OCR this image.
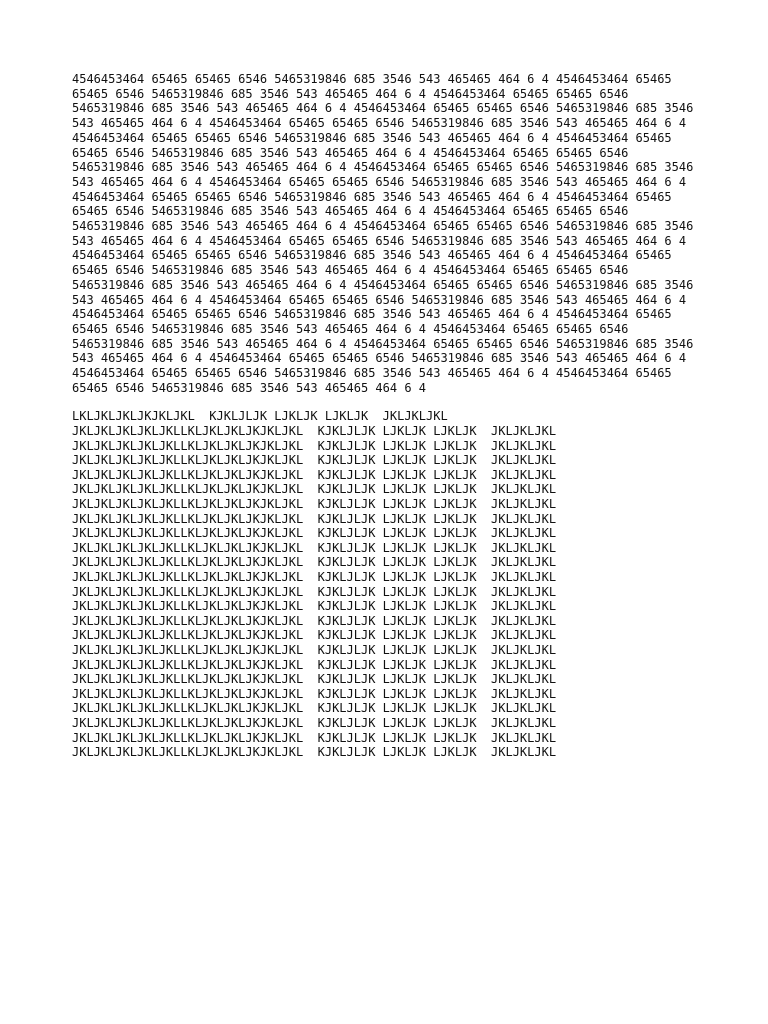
4546453464 65465 65465 6546 5465319846 685 3546 543 465465 464 6 4 4546453464 65465 65465 6546 5465319846 685 3546 543 465465 464 6 4 4546453464 65465 65465 6546 5465319846 685 3546 543 465465 464 6 4 4546453464 65465 65465 6546 5465319846 685 3546 543 465465 464 6 4 4546453464 65465 65465 6546 5465319846 685 3546 543 465465 464 6 4 4546453464 65465 65465 6546 5465319846 685 3546 543 465465 464 6 4 4546453464 65465 65465 6546 5465319846 685 3546 543 465465 464 6 4 4546453464 65465 65465 6546 5465319846 685 3546 543 465465 464 6 4 4546453464 65465 65465 6546 5465319846 685 3546 543 465465 464 6 4 4546453464 65465 65465 6546 5465319846 685 3546 543 465465 464 6 4 4546453464 65465 65465 6546 5465319846 685 3546 543 465465 464 6 4 4546453464 65465 65465 6546 5465319846 685 3546 543 465465 464 6 4 4546453464 65465 65465 6546 5465319846 685 3546 543 465465 464 6 4 4546453464 65465 65465 6546 5465319846 685 3546 543 465465 464 6 4 4546453464 65465 65465 6546 5465319846 685 3546 543 465465 464 6 4 4546453464 65465 65465 6546 5465319846 685 3546 543 465465 464 6 4 4546453464 65465 65465 6546 5465319846 685 3546 543 465465 464 6 4 4546453464 65465 65465 6546 5465319846 685 3546 543 465465 464 6 4 4546453464 65465 65465 6546 5465319846 685 3546 543 465465 464 6 4 4546453464 65465 65465 6546 5465319846 685 3546 543 465465 464 6 4 4546453464 65465 65465 6546 5465319846 685 3546 543 465465 464 6 4 4546453464 65465 65465 6546 5465319846 685 3546 543 465465 464 6 4 4546453464 65465 65465 6546 5465319846 685 3546 543 465465 464 6 4 4546453464 65465 65465 6546 5465319846 685 3546 543 465465 464 6 4 4546453464 65465 65465 6546 5465319846 685 3546 543 465465 464 6 4 4546453464 65465 65465 6546 5465319846 685 3546 543 465465 464 6 4 4546453464 65465 65465 6546 5465319846 685 3546 543 465465 464 6 4

LKLJKLJKLJKJKLJKL  KJKLJLJK LJKLJK LJKLJK  JKLJKLJKL
JKLJKLJKLJKLJKLLKLJKLJKLJKJKLJKL  KJKLJLJK LJKLJK LJKLJK  JKLJKLJKL
JKLJKLJKLJKLJKLLKLJKLJKLJKJKLJKL  KJKLJLJK LJKLJK LJKLJK  JKLJKLJKL
JKLJKLJKLJKLJKLLKLJKLJKLJKJKLJKL  KJKLJLJK LJKLJK LJKLJK  JKLJKLJKL
JKLJKLJKLJKLJKLLKLJKLJKLJKJKLJKL  KJKLJLJK LJKLJK LJKLJK  JKLJKLJKL
JKLJKLJKLJKLJKLLKLJKLJKLJKJKLJKL  KJKLJLJK LJKLJK LJKLJK  JKLJKLJKL
JKLJKLJKLJKLJKLLKLJKLJKLJKJKLJKL  KJKLJLJK LJKLJK LJKLJK  JKLJKLJKL
JKLJKLJKLJKLJKLLKLJKLJKLJKJKLJKL  KJKLJLJK LJKLJK LJKLJK  JKLJKLJKL
JKLJKLJKLJKLJKLLKLJKLJKLJKJKLJKL  KJKLJLJK LJKLJK LJKLJK  JKLJKLJKL
JKLJKLJKLJKLJKLLKLJKLJKLJKJKLJKL  KJKLJLJK LJKLJK LJKLJK  JKLJKLJKL
JKLJKLJKLJKLJKLLKLJKLJKLJKJKLJKL  KJKLJLJK LJKLJK LJKLJK  JKLJKLJKL
JKLJKLJKLJKLJKLLKLJKLJKLJKJKLJKL  KJKLJLJK LJKLJK LJKLJK  JKLJKLJKL
JKLJKLJKLJKLJKLLKLJKLJKLJKJKLJKL  KJKLJLJK LJKLJK LJKLJK  JKLJKLJKL
JKLJKLJKLJKLJKLLKLJKLJKLJKJKLJKL  KJKLJLJK LJKLJK LJKLJK  JKLJKLJKL
JKLJKLJKLJKLJKLLKLJKLJKLJKJKLJKL  KJKLJLJK LJKLJK LJKLJK  JKLJKLJKL
JKLJKLJKLJKLJKLLKLJKLJKLJKJKLJKL  KJKLJLJK LJKLJK LJKLJK  JKLJKLJKL
JKLJKLJKLJKLJKLLKLJKLJKLJKJKLJKL  KJKLJLJK LJKLJK LJKLJK  JKLJKLJKL
JKLJKLJKLJKLJKLLKLJKLJKLJKJKLJKL  KJKLJLJK LJKLJK LJKLJK  JKLJKLJKL
JKLJKLJKLJKLJKLLKLJKLJKLJKJKLJKL  KJKLJLJK LJKLJK LJKLJK  JKLJKLJKL
JKLJKLJKLJKLJKLLKLJKLJKLJKJKLJKL  KJKLJLJK LJKLJK LJKLJK  JKLJKLJKL
JKLJKLJKLJKLJKLLKLJKLJKLJKJKLJKL  KJKLJLJK LJKLJK LJKLJK  JKLJKLJKL
JKLJKLJKLJKLJKLLKLJKLJKLJKJKLJKL  KJKLJLJK LJKLJK LJKLJK  JKLJKLJKL
JKLJKLJKLJKLJKLLKLJKLJKLJKJKLJKL  KJKLJLJK LJKLJK LJKLJK  JKLJKLJKL
JKLJKLJKLJKLJKLLKLJKLJKLJKJKLJKL  KJKLJLJK LJKLJK LJKLJK  JKLJKLJKL
